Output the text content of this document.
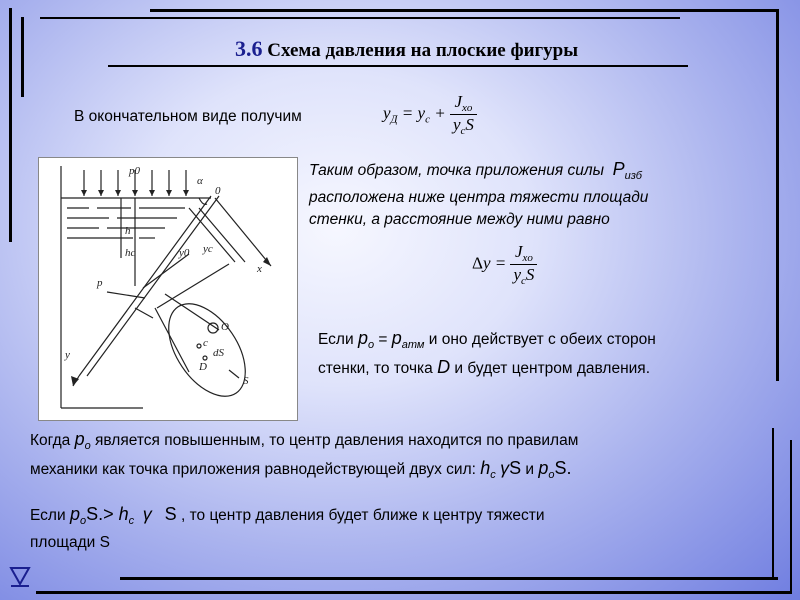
3.6 Схема давления на плоские фигуры
В окончательном виде получим	$y_Д = y_c + \frac{J_{xo}}{y_cS}$
p0
α
0
h
hc	y0 yc
x
p
y
O
c
dS
D
S
Таким образом, точка приложения силы $P_{изб}$
расположена ниже центра тяжести площади
стенки, а расстояние между ними равно
$\Delta y = \frac{J_{xo}}{y_cS}$
Если $p_o = p_{атм}$ и оно действует с обеих сторон
стенки, то точка D и будет центром давления.
Когда $p_o$ является повышенным, то центр давления находится по правилам
механики как точка приложения равнодействующей двух сил: $h_c$ γS и $p_oS$.
Если $p_oS.> h_c$ γ S , то центр давления будет ближе к центру тяжести
площади S
